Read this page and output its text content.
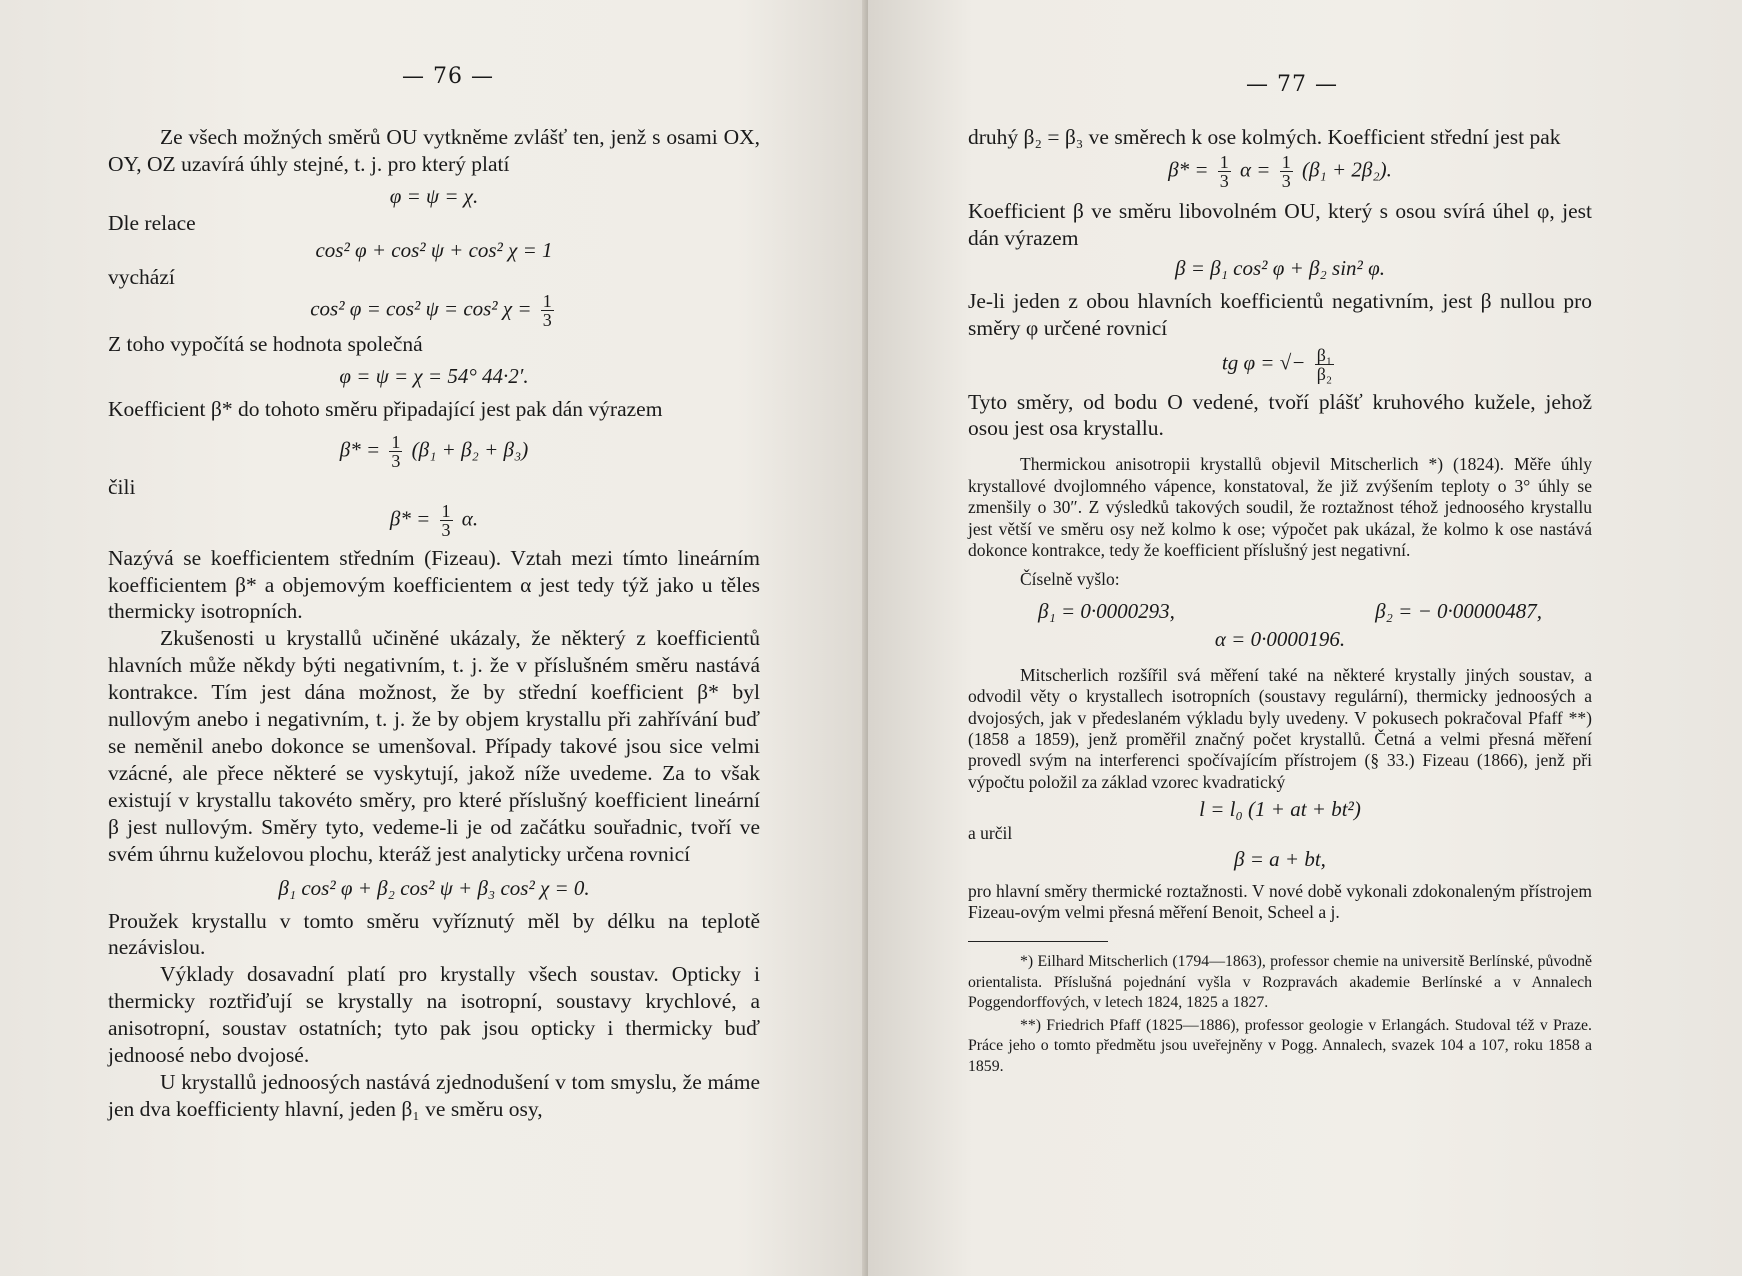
— 76 —
Ze všech možných směrů OU vytkněme zvlášť ten, jenž s osami OX, OY, OZ uzavírá úhly stejné, t. j. pro který platí
φ = ψ = χ.
Dle relace
cos² φ + cos² ψ + cos² χ = 1
vychází
cos² φ = cos² ψ = cos² $\chi = \frac{1}{3}$
Z toho vypočítá se hodnota společná
φ = ψ = χ = 54° 44·2′.
Koefficient β* do tohoto směru připadající jest pak dán výrazem
$\beta* = \frac{1}{3} (\beta_1 + \beta_2 + \beta_3)$
čili
$\beta* = \frac{1}{3} \alpha$.
Nazývá se koefficientem středním (Fizeau). Vztah mezi tímto lineárním koefficientem β* a objemovým koefficientem α jest tedy týž jako u těles thermicky isotropních.
Zkušenosti u krystallů učiněné ukázaly, že některý z koefficientů hlavních může někdy býti negativním, t. j. že v příslušném směru nastává kontrakce. Tím jest dána možnost, že by střední koefficient β* byl nullovým anebo i negativním, t. j. že by objem krystallu při zahřívání buď se neměnil anebo dokonce se umenšoval. Případy takové jsou sice velmi vzácné, ale přece některé se vyskytují, jakož níže uvedeme. Za to však existují v krystallu takovéto směry, pro které příslušný koefficient lineární β jest nullovým. Směry tyto, vedeme-li je od začátku souřadnic, tvoří ve svém úhrnu kuželovou plochu, kteráž jest analyticky určena rovnicí
β₁ cos² φ + β₂ cos² ψ + β₃ cos² χ = 0.
Proužek krystallu v tomto směru vyříznutý měl by délku na teplotě nezávislou.
Výklady dosavadní platí pro krystally všech soustav. Opticky i thermicky roztřiďují se krystally na isotropní, soustavy krychlové, a anisotropní, soustav ostatních; tyto pak jsou opticky i thermicky buď jednoosé nebo dvojosé.
U krystallů jednoosých nastává zjednodušení v tom smyslu, že máme jen dva koefficienty hlavní, jeden β₁ ve směru osy,
— 77 —
druhý β₂ = β₃ ve směrech k ose kolmých. Koefficient střední jest pak
$\beta* = \frac{1}{3}$ $\alpha = \frac{1}{3} (\beta_1 + 2\beta_2)$.
Koefficient β ve směru libovolném OU, který s osou svírá úhel φ, jest dán výrazem
β = β₁ cos² φ + β₂ sin² φ.
Je-li jeden z obou hlavních koefficientů negativním, jest β nullou pro směry φ určené rovnicí
tg φ = √− $\frac{\text{β₁}}{\text{β₂}}$
Tyto směry, od bodu O vedené, tvoří plášť kruhového kužele, jehož osou jest osa krystallu.
Thermickou anisotropii krystallů objevil Mitscherlich *) (1824). Měře úhly krystallové dvojlomného vápence, konstatoval, že již zvýšením teploty o 3° úhly se zmenšily o 30″. Z výsledků takových soudil, že roztažnost téhož jednoosého krystallu jest větší ve směru osy než kolmo k ose; výpočet pak ukázal, že kolmo k ose nastává dokonce kontrakce, tedy že koefficient příslušný jest negativní.
Číselně vyšlo:
β₁ = 0·0000293,	β₂ = − 0·00000487,
α = 0·0000196.
Mitscherlich rozšířil svá měření také na některé krystally jiných soustav, a odvodil věty o krystallech isotropních (soustavy regulární), thermicky jednoosých a dvojosých, jak v předeslaném výkladu byly uvedeny. V pokusech pokračoval Pfaff **) (1858 a 1859), jenž proměřil značný počet krystallů. Četná a velmi přesná měření provedl svým na interferenci spočívajícím přístrojem (§ 33.) Fizeau (1866), jenž při výpočtu položil za základ vzorec kvadratický
l = l₀ (1 + at + bt²)
a určil
β = a + bt,
pro hlavní směry thermické roztažnosti. V nové době vykonali zdokonaleným přístrojem Fizeau-ovým velmi přesná měření Benoit, Scheel a j.
*) Eilhard Mitscherlich (1794—1863), professor chemie na universitě Berlínské, původně orientalista. Příslušná pojednání vyšla v Rozpravách akademie Berlínské a v Annalech Poggendorffových, v letech 1824, 1825 a 1827.
**) Friedrich Pfaff (1825—1886), professor geologie v Erlangách. Studoval též v Praze. Práce jeho o tomto předmětu jsou uveřejněny v Pogg. Annalech, svazek 104 a 107, roku 1858 a 1859.
